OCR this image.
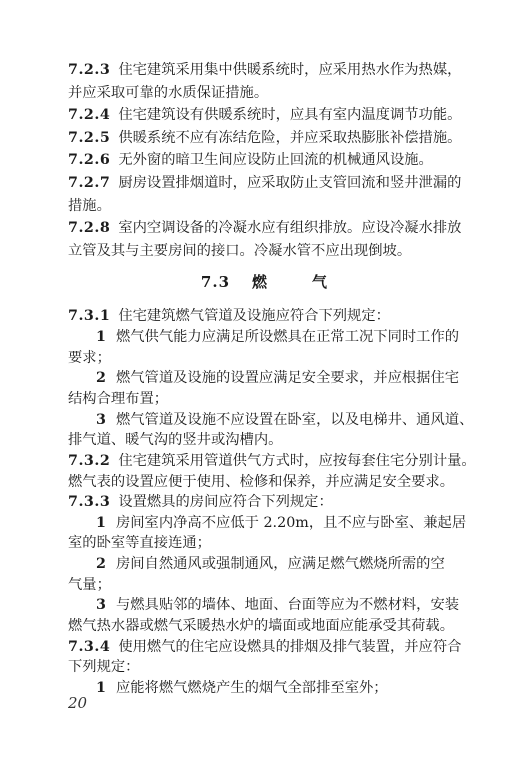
7.2.3 住宅建筑采用集中供暖系统时，应采用热水作为热媒，
并应采取可靠的水质保证措施。
7.2.4 住宅建筑设有供暖系统时，应具有室内温度调节功能。
7.2.5 供暖系统不应有冻结危险，并应采取热膨胀补偿措施。
7.2.6 无外窗的暗卫生间应设防止回流的机械通风设施。
7.2.7 厨房设置排烟道时，应采取防止支管回流和竖井泄漏的
措施。
7.2.8 室内空调设备的冷凝水应有组织排放。应设冷凝水排放
立管及其与主要房间的接口。冷凝水管不应出现倒坡。
7.3 燃	气
7.3.1 住宅建筑燃气管道及设施应符合下列规定：
1 燃气供气能力应满足所设燃具在正常工况下同时工作的
要求；
2 燃气管道及设施的设置应满足安全要求，并应根据住宅
结构合理布置；
3 燃气管道及设施不应设置在卧室，以及电梯井、通风道、
排气道、暖气沟的竖井或沟槽内。
7.3.2 住宅建筑采用管道供气方式时，应按每套住宅分别计量。
燃气表的设置应便于使用、检修和保养，并应满足安全要求。
7.3.3 设置燃具的房间应符合下列规定：
1 房间室内净高不应低于 2.20m，且不应与卧室、兼起居
室的卧室等直接连通；
2 房间自然通风或强制通风，应满足燃气燃烧所需的空
气量；
3 与燃具贴邻的墙体、地面、台面等应为不燃材料，安装
20
燃气热水器或燃气采暖热水炉的墙面或地面应能承受其荷载。
7.3.4 使用燃气的住宅应设燃具的排烟及排气装置，并应符合
下列规定：
1 应能将燃气燃烧产生的烟气全部排至室外；
